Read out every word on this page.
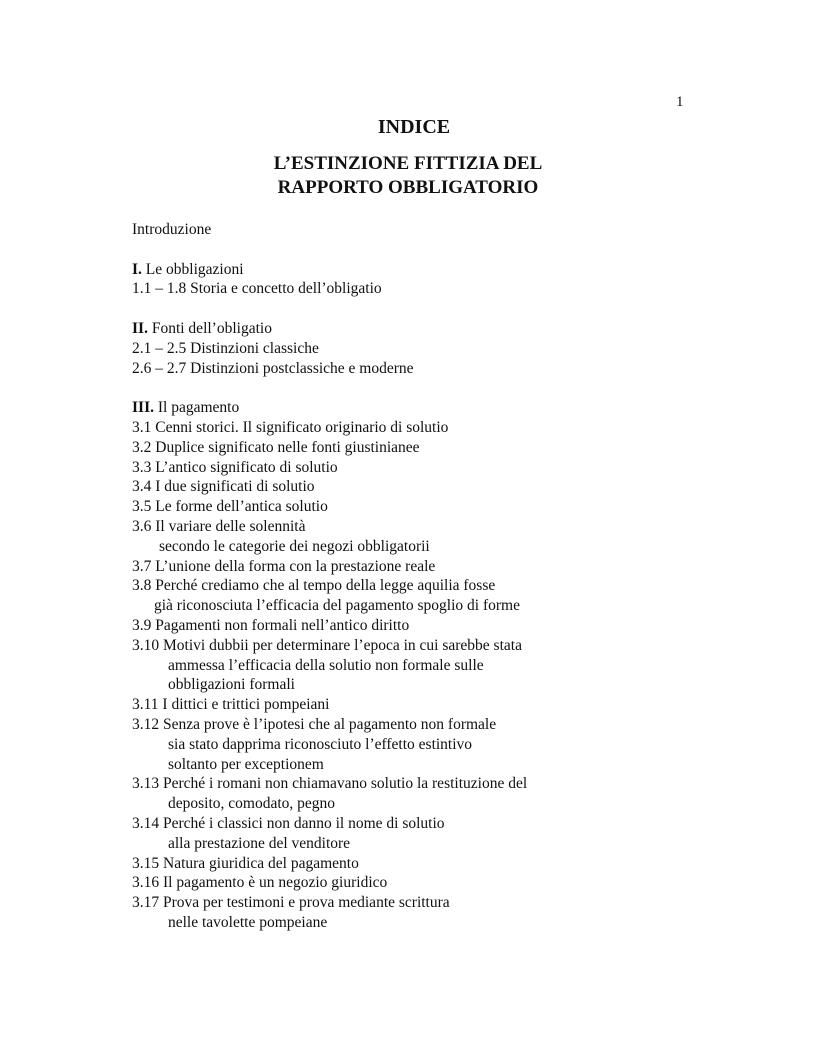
1
INDICE
L’ESTINZIONE FITTIZIA DEL
RAPPORTO OBBLIGATORIO
Introduzione
I. Le obbligazioni
1.1 – 1.8 Storia e concetto dell’obligatio
II. Fonti dell’obligatio
2.1 – 2.5 Distinzioni classiche
2.6 – 2.7 Distinzioni postclassiche e moderne
III. Il pagamento
3.1 Cenni storici. Il significato originario di solutio
3.2 Duplice significato nelle fonti giustinianee
3.3 L’antico significato di solutio
3.4 I due significati di solutio
3.5 Le forme dell’antica solutio
3.6 Il variare delle solennità
secondo le categorie dei negozi obbligatorii
3.7 L’unione della forma con la prestazione reale
3.8 Perché crediamo che al tempo della legge aquilia fosse
già riconosciuta l’efficacia del pagamento spoglio di forme
3.9 Pagamenti non formali nell’antico diritto
3.10 Motivi dubbii per determinare l’epoca in cui sarebbe stata
ammessa l’efficacia della solutio non formale sulle
obbligazioni formali
3.11 I dittici e trittici pompeiani
3.12 Senza prove è l’ipotesi che al pagamento non formale
sia stato dapprima riconosciuto l’effetto estintivo
soltanto per exceptionem
3.13 Perché i romani non chiamavano solutio la restituzione del
deposito, comodato, pegno
3.14 Perché i classici non danno il nome di solutio
alla prestazione del venditore
3.15 Natura giuridica del pagamento
3.16 Il pagamento è un negozio giuridico
3.17 Prova per testimoni e prova mediante scrittura
nelle tavolette pompeiane
